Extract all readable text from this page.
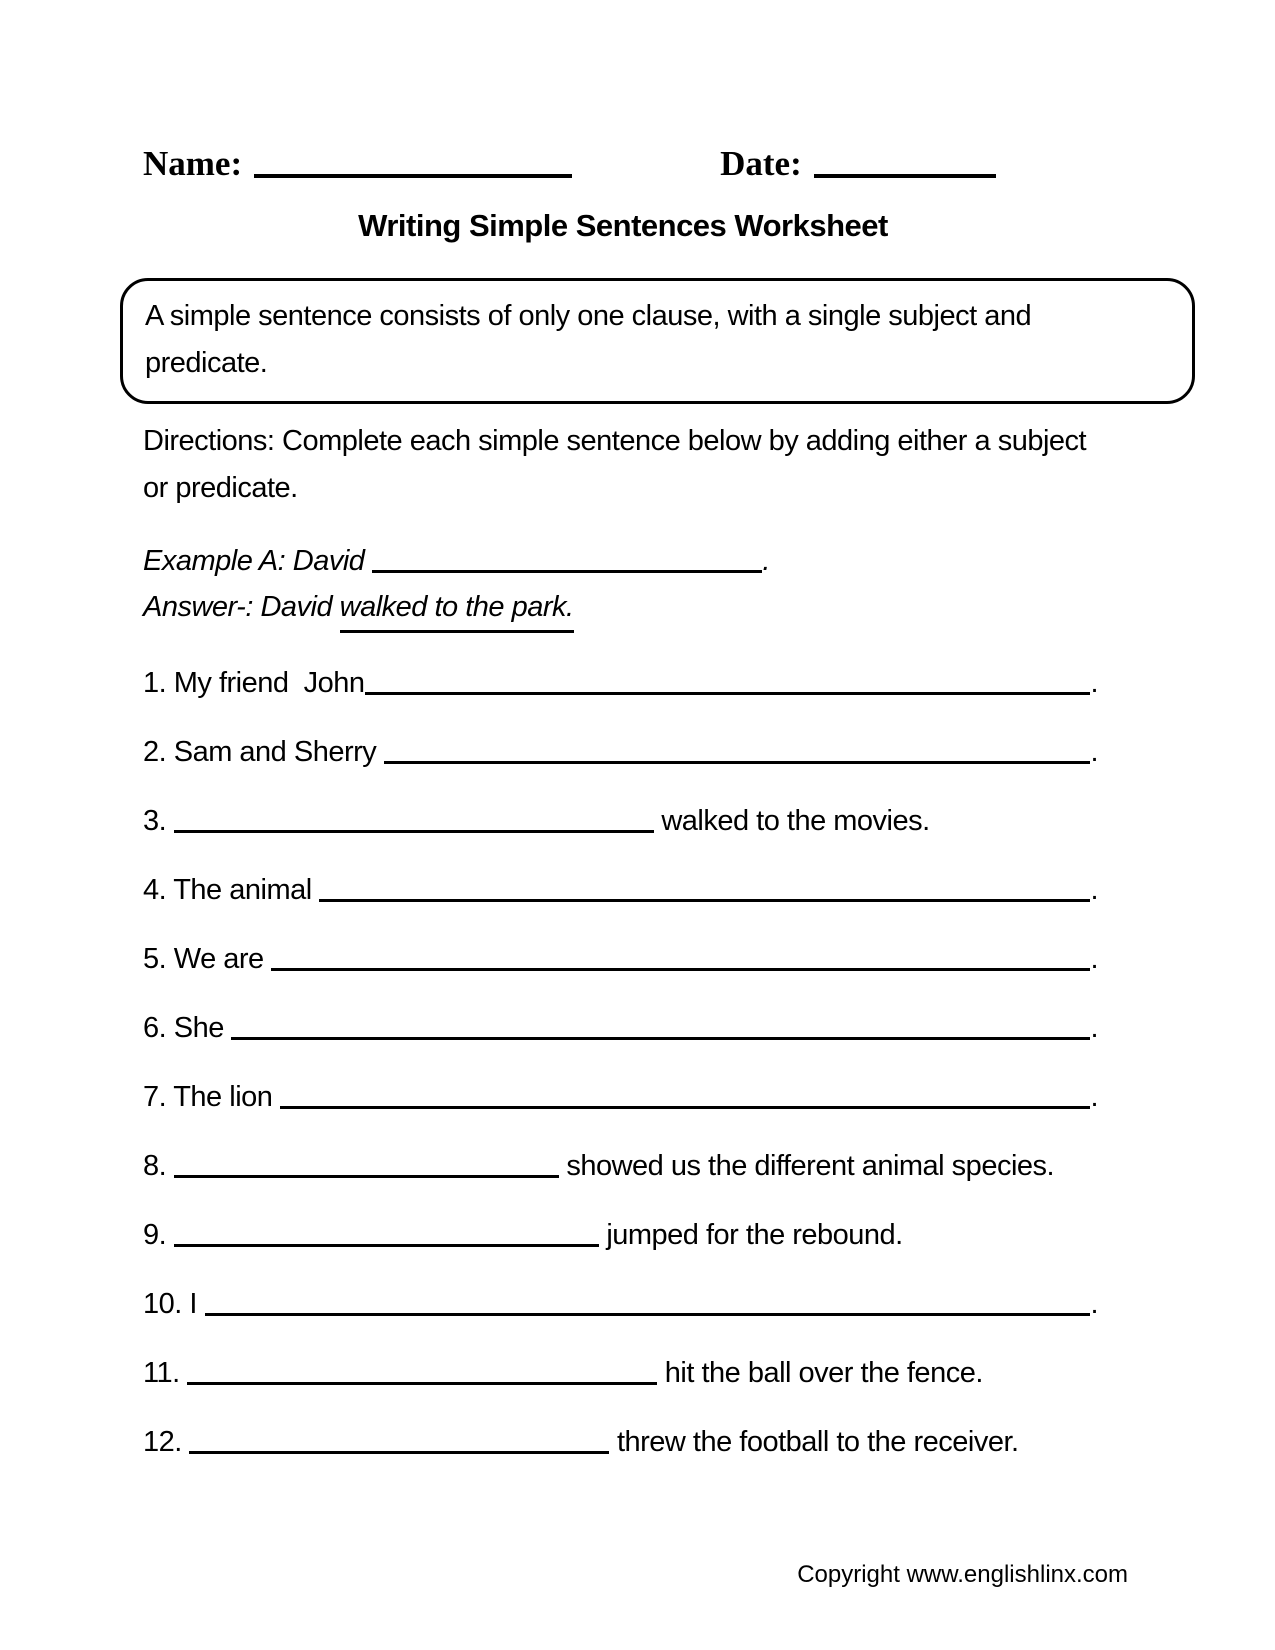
Name:	Date:
Writing Simple Sentences Worksheet
A simple sentence consists of only one clause, with a single subject and predicate.
Directions: Complete each simple sentence below by adding either a subject or predicate.
Example A: David	.
Answer-: David walked to the park.
1. My friend  John	.
2. Sam and Sherry	.
3.	walked to the movies.
4. The animal	.
5. We are	.
6. She	.
7. The lion	.
8.	showed us the different animal species.
9.	jumped for the rebound.
10. I	.
11.	hit the ball over the fence.
12.	threw the football to the receiver.
Copyright www.englishlinx.com
